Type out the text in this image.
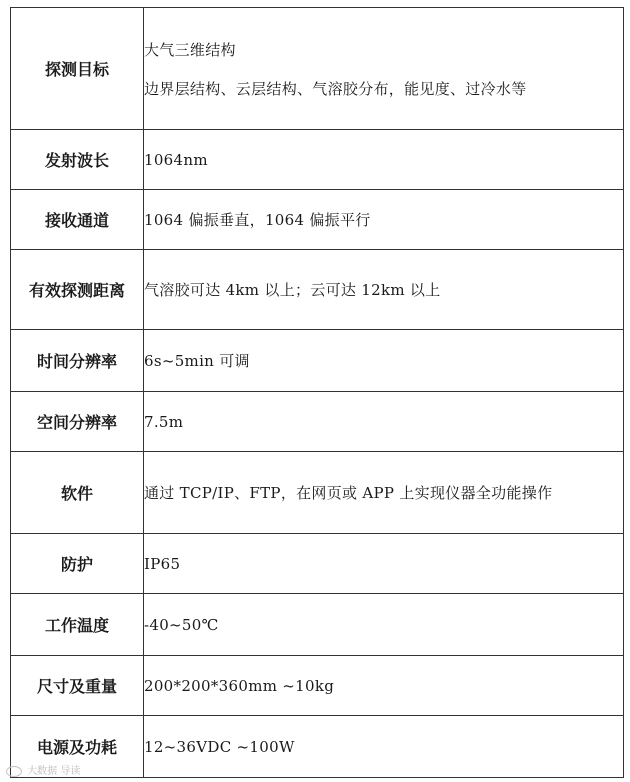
探测目标	大气三维结构
边界层结构、云层结构、气溶胶分布，能见度、过冷水等

发射波长	1064nm

接收通道	1064 偏振垂直，1064 偏振平行

有效探测距离	气溶胶可达 4km 以上；云可达 12km 以上

时间分辨率	6s~5min 可调

空间分辨率	7.5m

软件	通过 TCP/IP、FTP，在网页或 APP 上实现仪器全功能操作

防护	IP65

工作温度	-40~50℃

尺寸及重量	200*200*360mm ~10kg

电源及功耗	12~36VDC ~100W
大数据 导读
